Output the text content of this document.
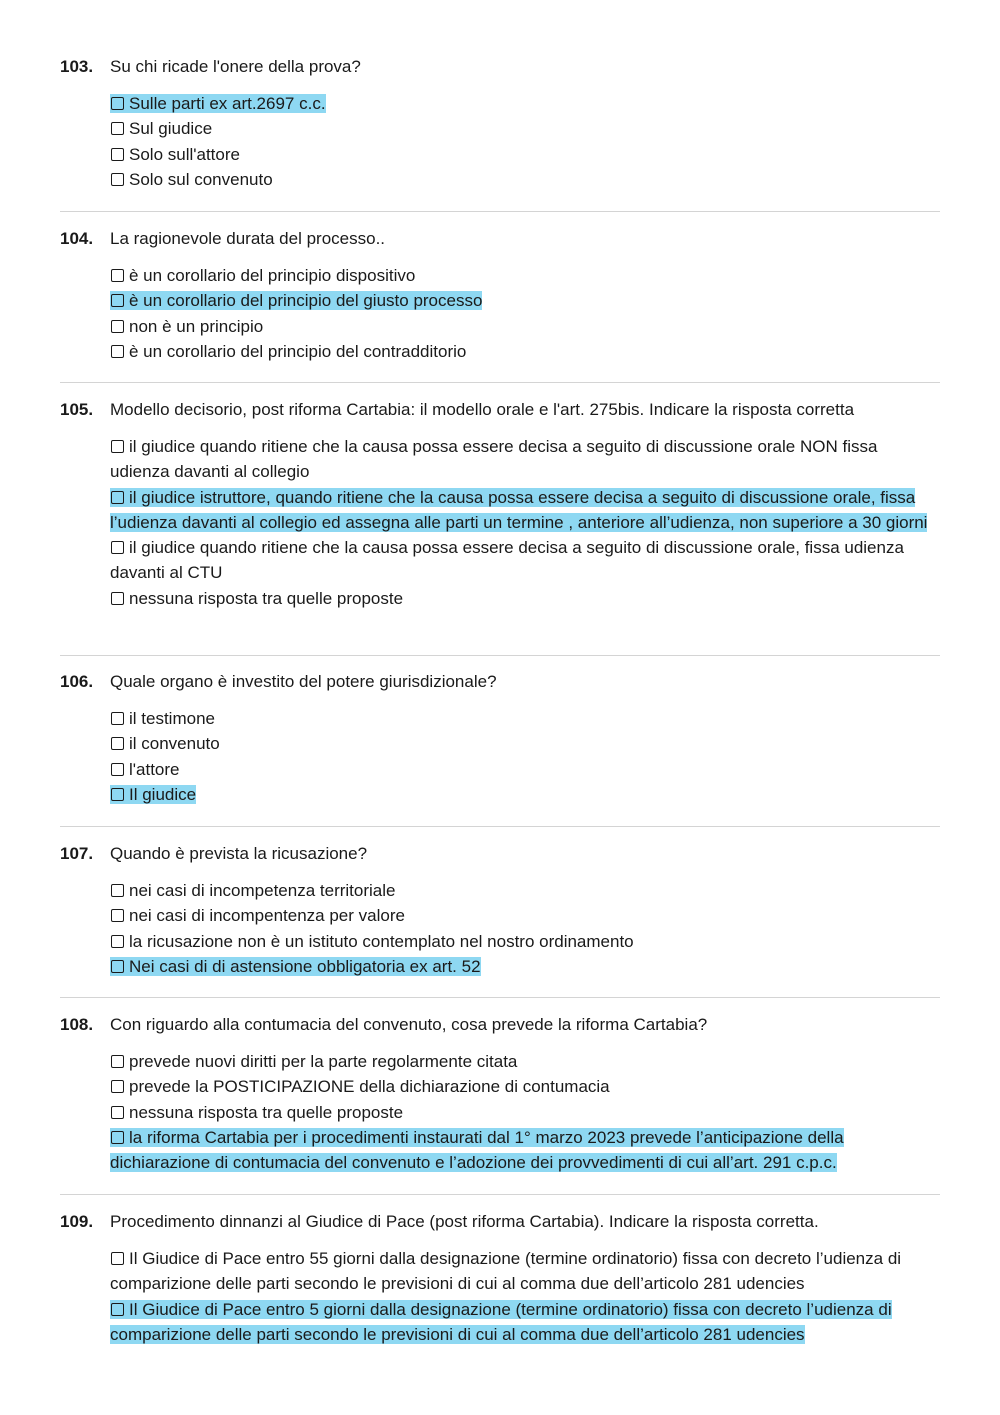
103. Su chi ricade l'onere della prova?
Sulle parti ex art.2697 c.c.
Sul giudice
Solo sull'attore
Solo sul convenuto
104. La ragionevole durata del processo..
è un corollario del principio dispositivo
è un corollario del principio del giusto processo
non è un principio
è un corollario del principio del contradditorio
105. Modello decisorio, post riforma Cartabia: il modello orale e l'art. 275bis. Indicare la risposta corretta
il giudice quando ritiene che la causa possa essere decisa a seguito di discussione orale NON fissa udienza davanti al collegio
il giudice istruttore, quando ritiene che la causa possa essere decisa a seguito di discussione orale, fissa l’udienza davanti al collegio ed assegna alle parti un termine , anteriore all’udienza, non superiore a 30 giorni
il giudice quando ritiene che la causa possa essere decisa a seguito di discussione orale, fissa udienza davanti al CTU
nessuna risposta tra quelle proposte
106. Quale organo è investito del potere giurisdizionale?
il testimone
il convenuto
l'attore
Il giudice
107. Quando è prevista la ricusazione?
nei casi di incompetenza territoriale
nei casi di incompentenza per valore
la ricusazione non è un istituto contemplato nel nostro ordinamento
Nei casi di di astensione obbligatoria ex art. 52
108. Con riguardo alla contumacia del convenuto, cosa prevede la riforma Cartabia?
prevede nuovi diritti per la parte regolarmente citata
prevede la POSTICIPAZIONE della dichiarazione di contumacia
nessuna risposta tra quelle proposte
la riforma Cartabia per i procedimenti instaurati dal 1° marzo 2023 prevede l’anticipazione della dichiarazione di contumacia del convenuto e l’adozione dei provvedimenti di cui all’art. 291 c.p.c.
109. Procedimento dinnanzi al Giudice di Pace (post riforma Cartabia). Indicare la risposta corretta.
Il Giudice di Pace entro 55 giorni dalla designazione (termine ordinatorio) fissa con decreto l’udienza di comparizione delle parti secondo le previsioni di cui al comma due dell’articolo 281 udencies
Il Giudice di Pace entro 5 giorni dalla designazione (termine ordinatorio) fissa con decreto l’udienza di comparizione delle parti secondo le previsioni di cui al comma due dell’articolo 281 udencies
